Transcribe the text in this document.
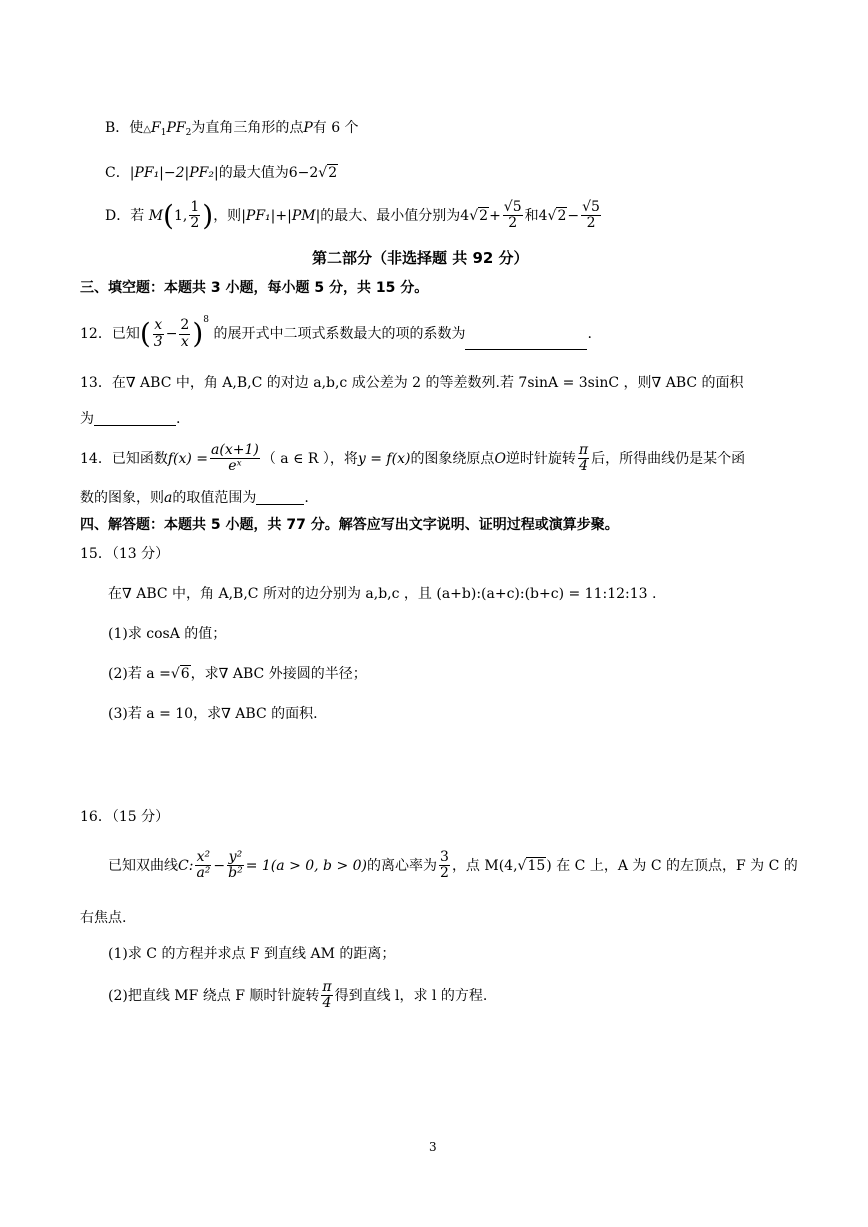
B．使$\triangle F_1PF_2$为直角三角形的点P有 6 个
C．|PF₁|−2|PF₂|的最大值为6−2√2
D．若 M(1, $\frac{1}{2}$ )，则|PF₁|+|PM|的最大、最小值分别为$4√2+ \frac{√5}{2}$ 和$4√2- \frac{√5}{2}$
第二部分（非选择题 共 92 分）
三、填空题：本题共 3 小题，每小题 5 分，共 15 分。
12．已知( $\frac{x}{3} - \frac{2}{x} )^8$ 的展开式中二项式系数最大的项的系数为	.
13．在∇ ABC 中，角 A,B,C 的对边 a,b,c 成公差为 2 的等差数列.若 7sinA = 3sinC ，则∇ ABC 的面积
为	.
14．已知函数$f(x) = \frac{a(x+1)}{\text{eˣ}}$ （ a ∈ R ），将y = f(x)的图象绕原点O逆时针旋转 $\frac{\pi}{4}$ 后，所得曲线仍是某个函
数的图象，则a的取值范围为	.
四、解答题：本题共 5 小题，共 77 分。解答应写出文字说明、证明过程或演算步聚。
15．（13 分）
在∇ ABC 中，角 A,B,C 所对的边分别为 a,b,c ，且 (a+b):(a+c):(b+c) = 11:12:13 .
(1)求 cosA 的值；
(2)若 a =√6，求∇ ABC 外接圆的半径；
(3)若 a = 10，求∇ ABC 的面积.
16．（15 分）
已知双曲线C: $\frac{\text{x²}}{\text{a²}} - \frac{\text{y²}}{\text{b²}} = 1(a > 0$, b > 0)的离心率为 $\frac{3}{2}$ ，点 M(4,√15) 在 C 上，A 为 C 的左顶点，F 为 C 的
右焦点.
(1)求 C 的方程并求点 F 到直线 AM 的距离；
(2)把直线 MF 绕点 F 顺时针旋转 $\frac{\pi}{4}$ 得到直线 l，求 l 的方程.
3
